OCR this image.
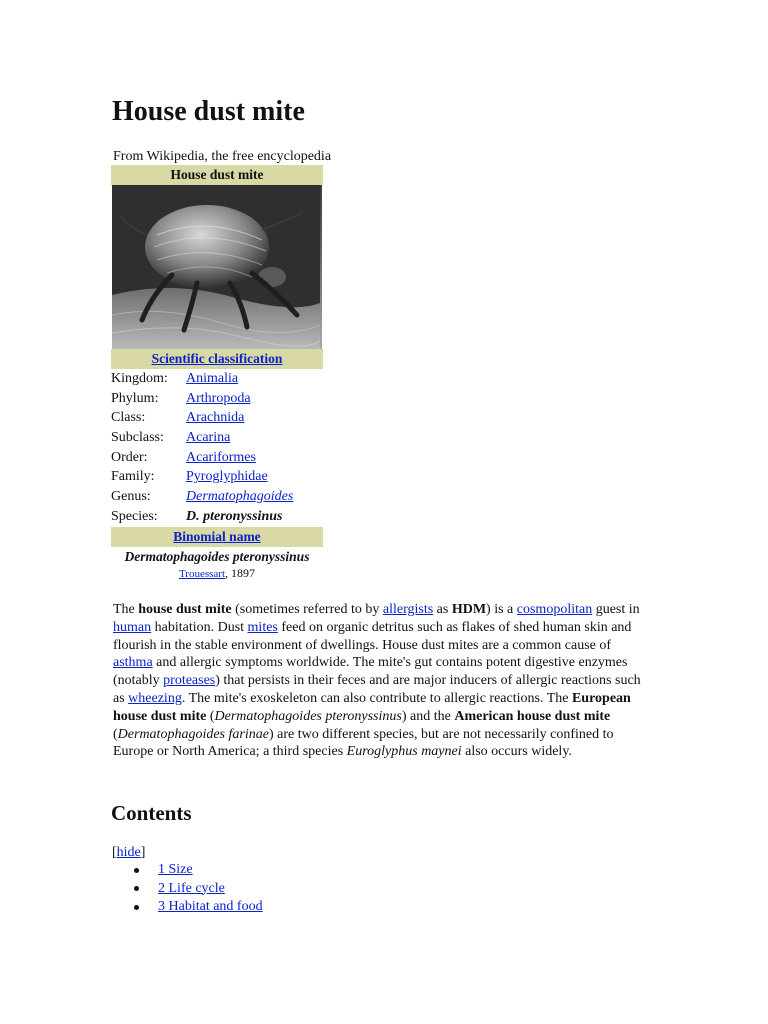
House dust mite
From Wikipedia, the free encyclopedia
House dust mite
Scientific classification
Kingdom:	Animalia
Phylum:	Arthropoda
Class:	Arachnida
Subclass:	Acarina
Order:	Acariformes
Family:	Pyroglyphidae
Genus:	Dermatophagoides
Species:	D. pteronyssinus
Binomial name
Dermatophagoides pteronyssinus
Trouessart, 1897

The house dust mite (sometimes referred to by allergists as HDM) is a cosmopolitan guest in human habitation. Dust mites feed on organic detritus such as flakes of shed human skin and flourish in the stable environment of dwellings. House dust mites are a common cause of asthma and allergic symptoms worldwide. The mite's gut contains potent digestive enzymes (notably proteases) that persists in their feces and are major inducers of allergic reactions such as wheezing. The mite's exoskeleton can also contribute to allergic reactions. The European house dust mite (Dermatophagoides pteronyssinus) and the American house dust mite (Dermatophagoides farinae) are two different species, but are not necessarily confined to Europe or North America; a third species Euroglyphus maynei also occurs widely.

Contents
[hide]
1 Size
2 Life cycle
3 Habitat and food
